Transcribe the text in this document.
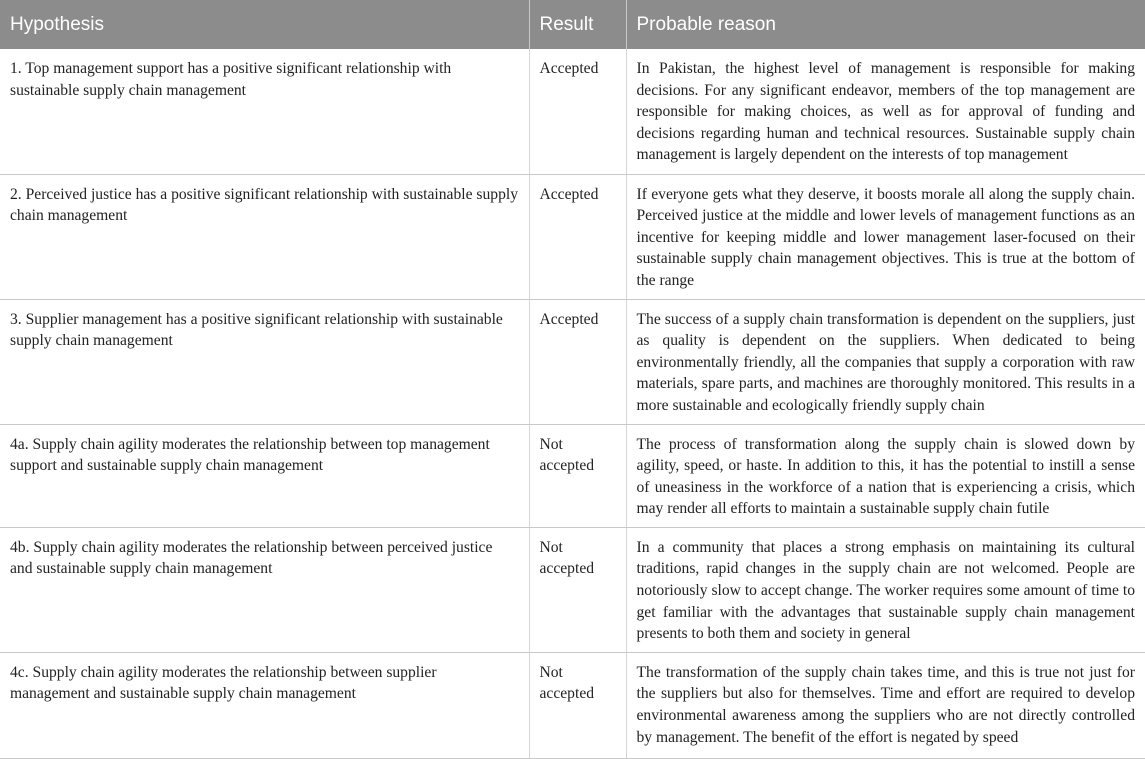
Hypothesis	Result	Probable reason
1. Top management support has a positive significant relationship with sustainable supply chain management	Accepted	In Pakistan, the highest level of management is responsible for making decisions. For any significant endeavor, members of the top management are responsible for making choices, as well as for approval of funding and decisions regarding human and technical resources. Sustainable supply chain management is largely dependent on the interests of top management
2. Perceived justice has a positive significant relationship with sustainable supply chain management	Accepted	If everyone gets what they deserve, it boosts morale all along the supply chain. Perceived justice at the middle and lower levels of management functions as an incentive for keeping middle and lower management laser-focused on their sustainable supply chain management objectives. This is true at the bottom of the range
3. Supplier management has a positive significant relationship with sustainable supply chain management	Accepted	The success of a supply chain transformation is dependent on the suppliers, just as quality is dependent on the suppliers. When dedicated to being environmentally friendly, all the companies that supply a corporation with raw materials, spare parts, and machines are thoroughly monitored. This results in a more sustainable and ecologically friendly supply chain
4a. Supply chain agility moderates the relationship between top management support and sustainable supply chain management	Not accepted	The process of transformation along the supply chain is slowed down by agility, speed, or haste. In addition to this, it has the potential to instill a sense of uneasiness in the workforce of a nation that is experiencing a crisis, which may render all efforts to maintain a sustainable supply chain futile
4b. Supply chain agility moderates the relationship between perceived justice and sustainable supply chain management	Not accepted	In a community that places a strong emphasis on maintaining its cultural traditions, rapid changes in the supply chain are not welcomed. People are notoriously slow to accept change. The worker requires some amount of time to get familiar with the advantages that sustainable supply chain management presents to both them and society in general
4c. Supply chain agility moderates the relationship between supplier management and sustainable supply chain management	Not accepted	The transformation of the supply chain takes time, and this is true not just for the suppliers but also for themselves. Time and effort are required to develop environmental awareness among the suppliers who are not directly controlled by management. The benefit of the effort is negated by speed
